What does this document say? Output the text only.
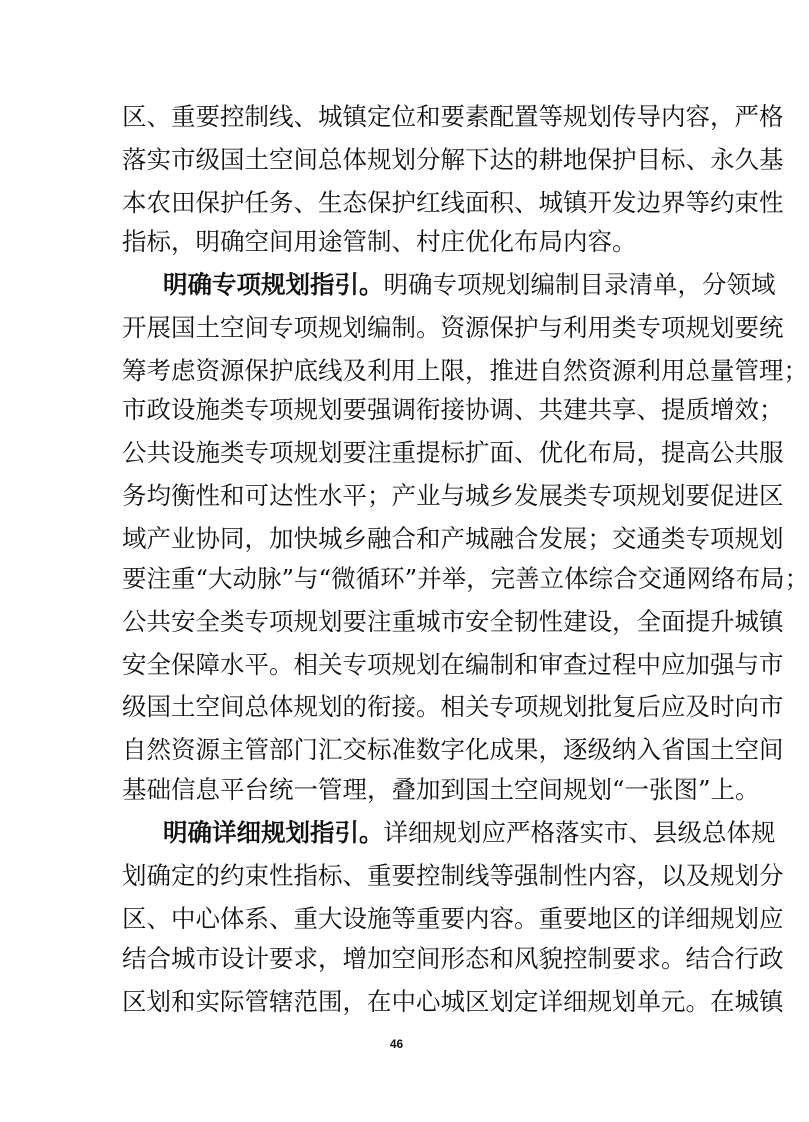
区、重要控制线、城镇定位和要素配置等规划传导内容，严格
落实市级国土空间总体规划分解下达的耕地保护目标、永久基
本农田保护任务、生态保护红线面积、城镇开发边界等约束性
指标，明确空间用途管制、村庄优化布局内容。
明确专项规划指引。明确专项规划编制目录清单，分领域
开展国土空间专项规划编制。资源保护与利用类专项规划要统
筹考虑资源保护底线及利用上限，推进自然资源利用总量管理；
市政设施类专项规划要强调衔接协调、共建共享、提质增效；
公共设施类专项规划要注重提标扩面、优化布局，提高公共服
务均衡性和可达性水平；产业与城乡发展类专项规划要促进区
域产业协同，加快城乡融合和产城融合发展；交通类专项规划
要注重“大动脉”与“微循环”并举，完善立体综合交通网络布局；
公共安全类专项规划要注重城市安全韧性建设，全面提升城镇
安全保障水平。相关专项规划在编制和审查过程中应加强与市
级国土空间总体规划的衔接。相关专项规划批复后应及时向市
自然资源主管部门汇交标准数字化成果，逐级纳入省国土空间
基础信息平台统一管理，叠加到国土空间规划“一张图”上。
明确详细规划指引。详细规划应严格落实市、县级总体规
划确定的约束性指标、重要控制线等强制性内容，以及规划分
区、中心体系、重大设施等重要内容。重要地区的详细规划应
结合城市设计要求，增加空间形态和风貌控制要求。结合行政
区划和实际管辖范围，在中心城区划定详细规划单元。在城镇
46
